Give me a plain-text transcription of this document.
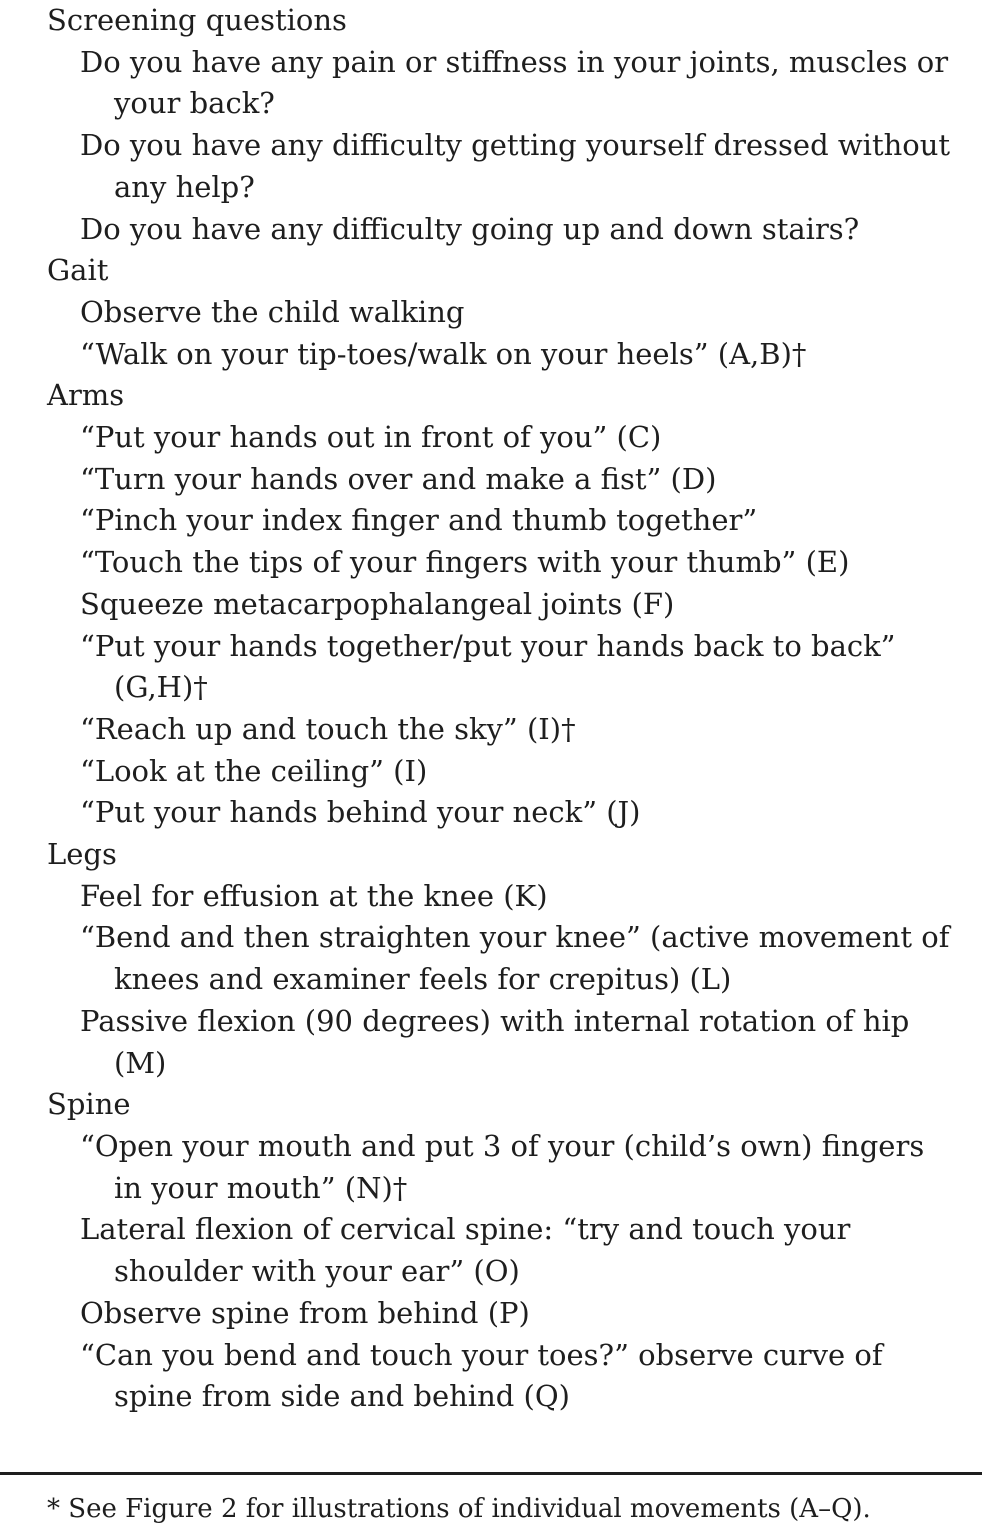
Screening questions
Do you have any pain or stiffness in your joints, muscles or your back?
Do you have any difficulty getting yourself dressed without any help?
Do you have any difficulty going up and down stairs?
Gait
Observe the child walking
“Walk on your tip-toes/walk on your heels” (A,B)†
Arms
“Put your hands out in front of you” (C)
“Turn your hands over and make a fist” (D)
“Pinch your index finger and thumb together”
“Touch the tips of your fingers with your thumb” (E)
Squeeze metacarpophalangeal joints (F)
“Put your hands together/put your hands back to back” (G,H)†
“Reach up and touch the sky” (I)†
“Look at the ceiling” (I)
“Put your hands behind your neck” (J)
Legs
Feel for effusion at the knee (K)
“Bend and then straighten your knee” (active movement of knees and examiner feels for crepitus) (L)
Passive flexion (90 degrees) with internal rotation of hip (M)
Spine
“Open your mouth and put 3 of your (child’s own) fingers in your mouth” (N)†
Lateral flexion of cervical spine: “try and touch your shoulder with your ear” (O)
Observe spine from behind (P)
“Can you bend and touch your toes?” observe curve of spine from side and behind (Q)
* See Figure 2 for illustrations of individual movements (A–Q).
